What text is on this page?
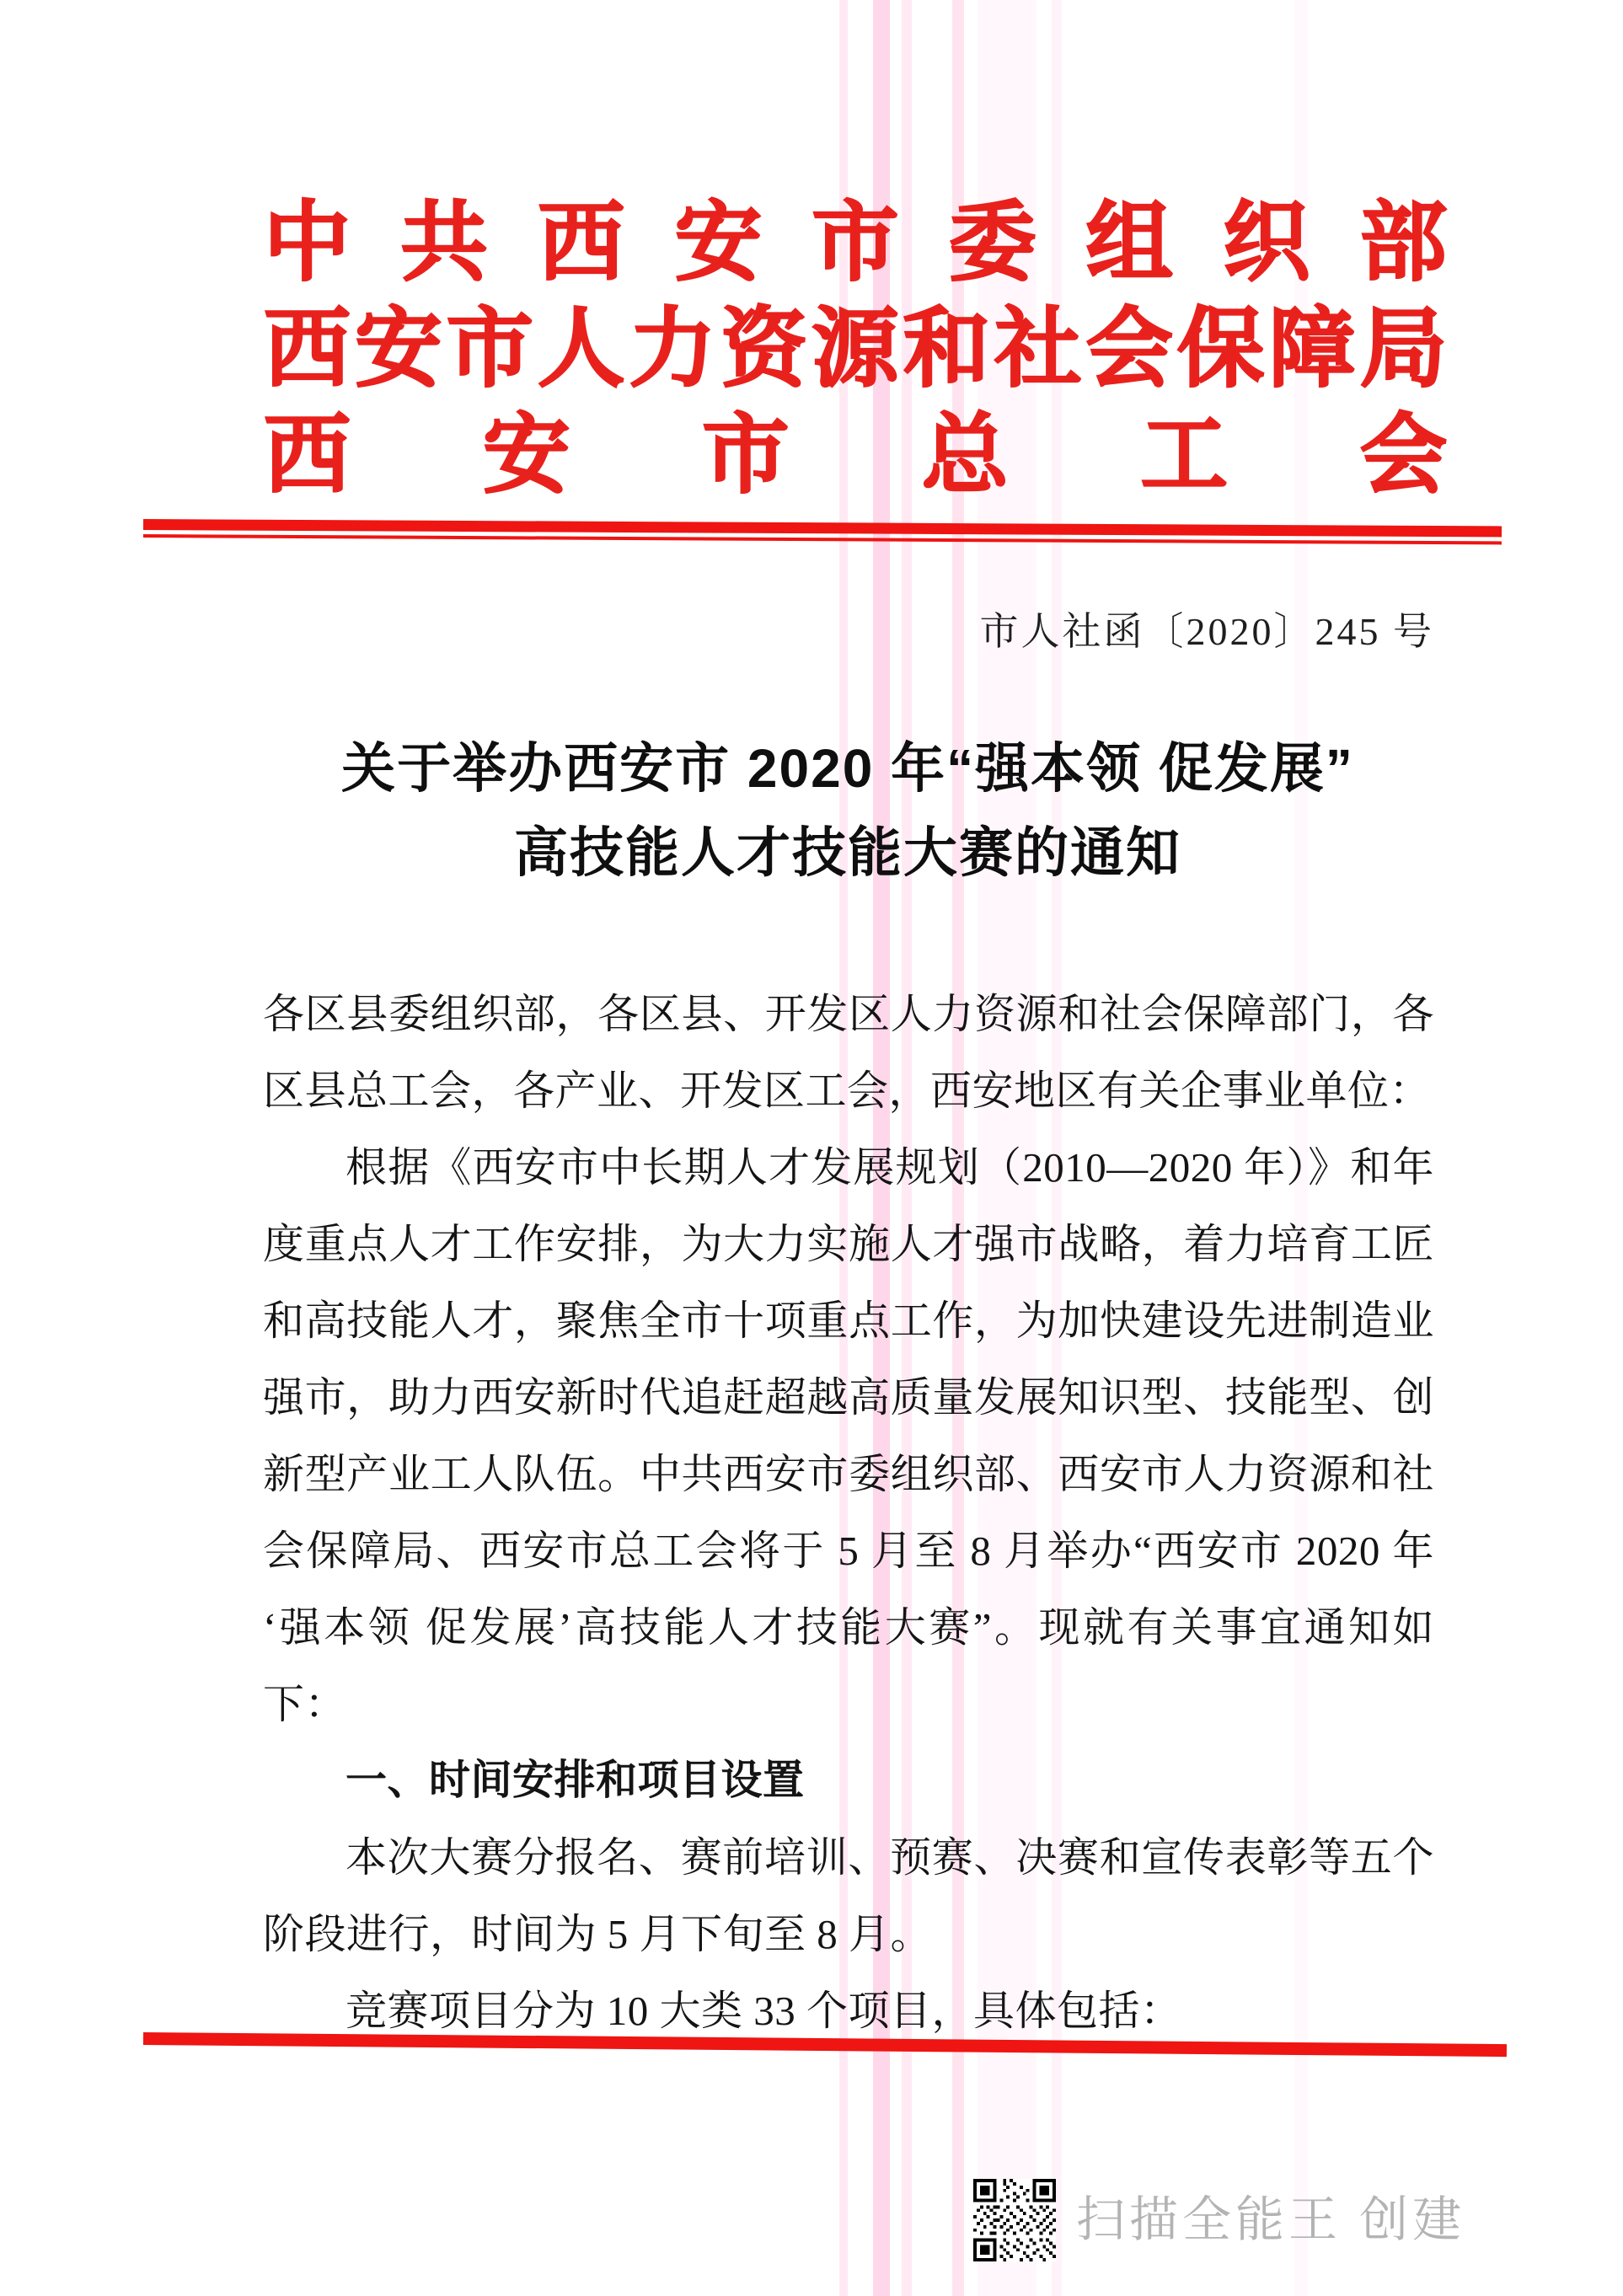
中共西安市委组织部
西安市人力资源和社会保障局
西安市总工会
市人社函〔2020〕245 号
关于举办西安市 2020 年“强本领 促发展”
高技能人才技能大赛的通知
各区县委组织部，各区县、开发区人力资源和社会保障部门，各
区县总工会，各产业、开发区工会，西安地区有关企事业单位：
根据《西安市中长期人才发展规划（2010—2020 年）》和年
度重点人才工作安排，为大力实施人才强市战略，着力培育工匠
和高技能人才，聚焦全市十项重点工作，为加快建设先进制造业
强市，助力西安新时代追赶超越高质量发展知识型、技能型、创
新型产业工人队伍。中共西安市委组织部、西安市人力资源和社
会保障局、西安市总工会将于 5 月至 8 月举办“西安市 2020 年
‘强本领 促发展’高技能人才技能大赛”。现就有关事宜通知如
下：
一、时间安排和项目设置
本次大赛分报名、赛前培训、预赛、决赛和宣传表彰等五个
阶段进行，时间为 5 月下旬至 8 月。
竞赛项目分为 10 大类 33 个项目，具体包括：
扫描全能王 创建
